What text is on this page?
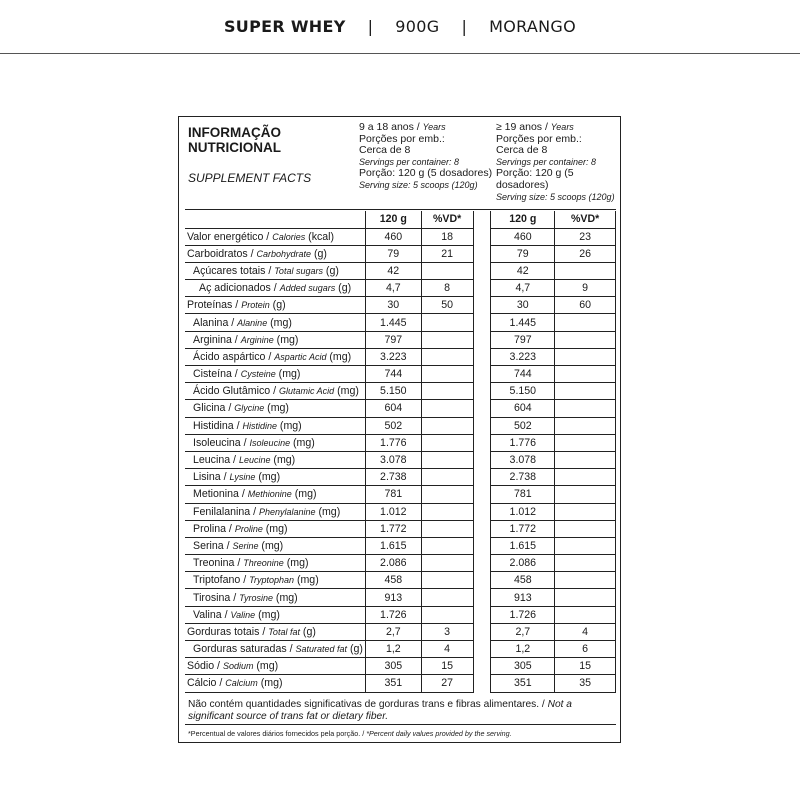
SUPER WHEY | 900G | MORANGO
INFORMAÇÃO
NUTRICIONAL
SUPPLEMENT FACTS
9 a 18 anos / Years
Porções por emb.:
Cerca de 8
Servings per container: 8
Porção: 120 g (5 dosadores)
Serving size: 5 scoops (120g)
≥ 19 anos / Years
Porções por emb.:
Cerca de 8
Servings per container: 8
Porção: 120 g (5 dosadores)
Serving size: 5 scoops (120g)
	120 g	%VD*		120 g	%VD*
Valor energético / Calories (kcal)	460	18		460	23
Carboidratos / Carbohydrate (g)	79	21		79	26
Açúcares totais / Total sugars (g)	42			42	
Aç adicionados / Added sugars (g)	4,7	8		4,7	9
Proteínas / Protein (g)	30	50		30	60
Alanina / Alanine (mg)	1.445			1.445	
Arginina / Arginine (mg)	797			797	
Ácido aspártico / Aspartic Acid (mg)	3.223			3.223	
Cisteína / Cysteine (mg)	744			744	
Ácido Glutâmico / Glutamic Acid (mg)	5.150			5.150	
Glicina / Glycine (mg)	604			604	
Histidina / Histidine (mg)	502			502	
Isoleucina / Isoleucine (mg)	1.776			1.776	
Leucina / Leucine (mg)	3.078			3.078	
Lisina / Lysine (mg)	2.738			2.738	
Metionina / Methionine (mg)	781			781	
Fenilalanina / Phenylalanine (mg)	1.012			1.012	
Prolina / Proline (mg)	1.772			1.772	
Serina / Serine (mg)	1.615			1.615	
Treonina / Threonine (mg)	2.086			2.086	
Triptofano / Tryptophan (mg)	458			458	
Tirosina / Tyrosine (mg)	913			913	
Valina / Valine (mg)	1.726			1.726	
Gorduras totais / Total fat (g)	2,7	3		2,7	4
Gorduras saturadas / Saturated fat (g)	1,2	4		1,2	6
Sódio / Sodium (mg)	305	15		305	15
Cálcio / Calcium (mg)	351	27		351	35
Não contém quantidades significativas de gorduras trans e fibras alimentares. / Not a significant source of trans fat or dietary fiber.
*Percentual de valores diários fornecidos pela porção. / *Percent daily values provided by the serving.
